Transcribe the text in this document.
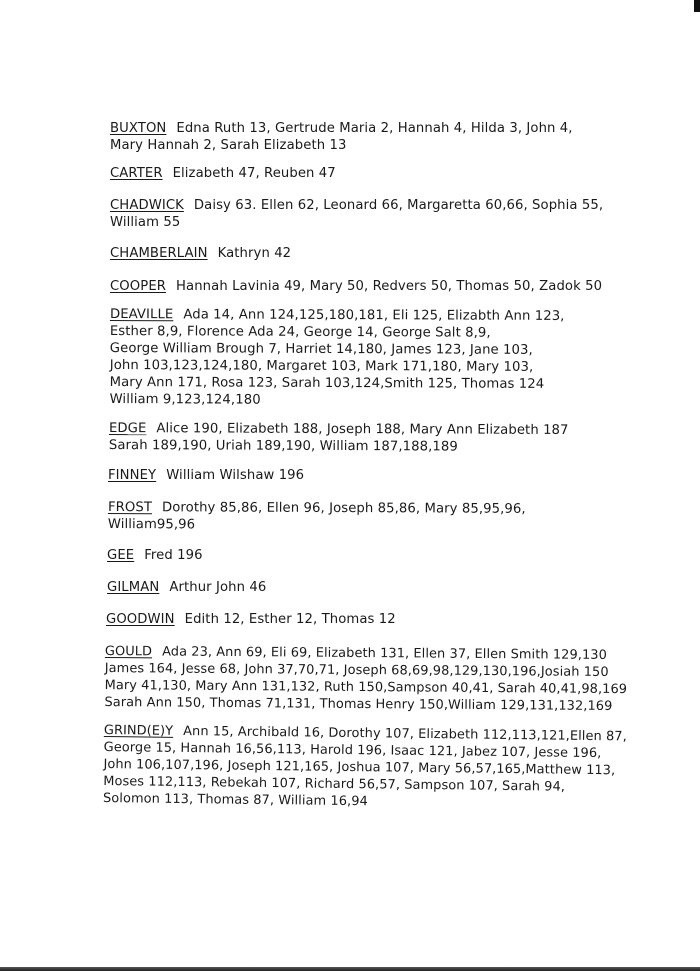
BUXTON Edna Ruth 13, Gertrude Maria 2, Hannah 4, Hilda 3, John 4,
Mary Hannah 2, Sarah Elizabeth 13
CARTER Elizabeth 47, Reuben 47
CHADWICK Daisy 63. Ellen 62, Leonard 66, Margaretta 60,66, Sophia 55,
William 55
CHAMBERLAIN Kathryn 42
COOPER Hannah Lavinia 49, Mary 50, Redvers 50, Thomas 50, Zadok 50
DEAVILLE Ada 14, Ann 124,125,180,181, Eli 125, Elizabth Ann 123,
Esther 8,9, Florence Ada 24, George 14, George Salt 8,9,
George William Brough 7, Harriet 14,180, James 123, Jane 103,
John 103,123,124,180, Margaret 103, Mark 171,180, Mary 103,
Mary Ann 171, Rosa 123, Sarah 103,124,Smith 125, Thomas 124
William 9,123,124,180
EDGE Alice 190, Elizabeth 188, Joseph 188, Mary Ann Elizabeth 187
Sarah 189,190, Uriah 189,190, William 187,188,189
FINNEY William Wilshaw 196
FROST Dorothy 85,86, Ellen 96, Joseph 85,86, Mary 85,95,96,
William95,96
GEE Fred 196
GILMAN Arthur John 46
GOODWIN Edith 12, Esther 12, Thomas 12
GOULD Ada 23, Ann 69, Eli 69, Elizabeth 131, Ellen 37, Ellen Smith 129,130
James 164, Jesse 68, John 37,70,71, Joseph 68,69,98,129,130,196,Josiah 150
Mary 41,130, Mary Ann 131,132, Ruth 150,Sampson 40,41, Sarah 40,41,98,169
Sarah Ann 150, Thomas 71,131, Thomas Henry 150,William 129,131,132,169
GRIND(E)Y Ann 15, Archibald 16, Dorothy 107, Elizabeth 112,113,121,Ellen 87,
George 15, Hannah 16,56,113, Harold 196, Isaac 121, Jabez 107, Jesse 196,
John 106,107,196, Joseph 121,165, Joshua 107, Mary 56,57,165,Matthew 113,
Moses 112,113, Rebekah 107, Richard 56,57, Sampson 107, Sarah 94,
Solomon 113, Thomas 87, William 16,94
